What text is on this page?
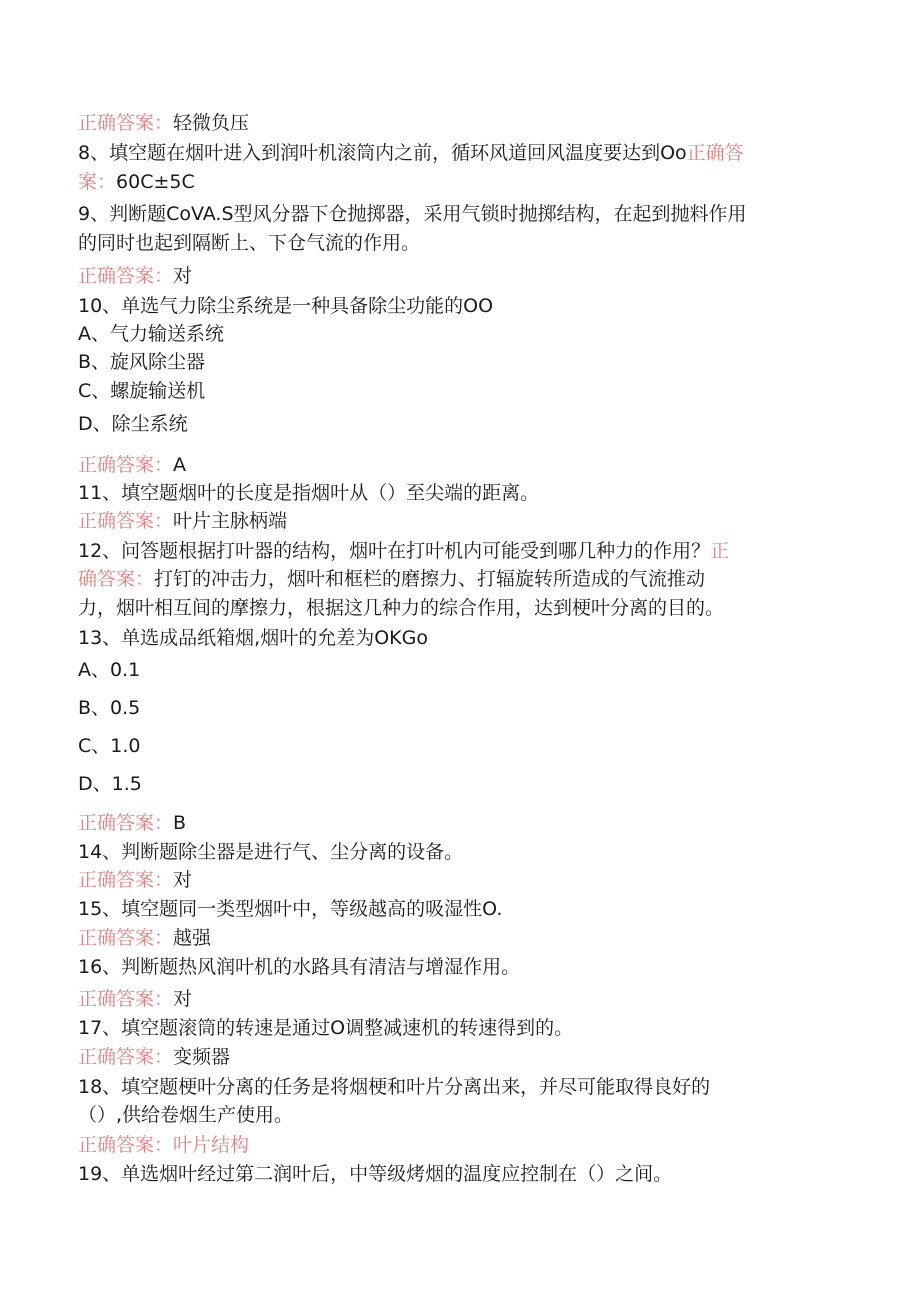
正确答案：轻微负压
8、填空题在烟叶进入到润叶机滚筒内之前，循环风道回风温度要达到Oo正确答
案：60C±5C
9、判断题CoVA.S型风分器下仓抛掷器，采用气锁时抛掷结构，在起到抛料作用
的同时也起到隔断上、下仓气流的作用。
正确答案：对
10、单选气力除尘系统是一种具备除尘功能的OO
A、气力输送系统
B、旋风除尘器
C、螺旋输送机
D、除尘系统
正确答案：A
11、填空题烟叶的长度是指烟叶从（）至尖端的距离。
正确答案：叶片主脉柄端
12、问答题根据打叶器的结构，烟叶在打叶机内可能受到哪几种力的作用？正
确答案：打钉的冲击力，烟叶和框栏的磨擦力、打辐旋转所造成的气流推动
力，烟叶相互间的摩擦力，根据这几种力的综合作用，达到梗叶分离的目的。
13、单选成品纸箱烟,烟叶的允差为OKGo
A、0.1
B、0.5
C、1.0
D、1.5
正确答案：B
14、判断题除尘器是进行气、尘分离的设备。
正确答案：对
15、填空题同一类型烟叶中，等级越高的吸湿性O.
正确答案：越强
16、判断题热风润叶机的水路具有清洁与增湿作用。
正确答案：对
17、填空题滚筒的转速是通过O调整减速机的转速得到的。
正确答案：变频器
18、填空题梗叶分离的任务是将烟梗和叶片分离出来，并尽可能取得良好的
（）,供给卷烟生产使用。
正确答案：叶片结构
19、单选烟叶经过第二润叶后，中等级烤烟的温度应控制在（）之间。
